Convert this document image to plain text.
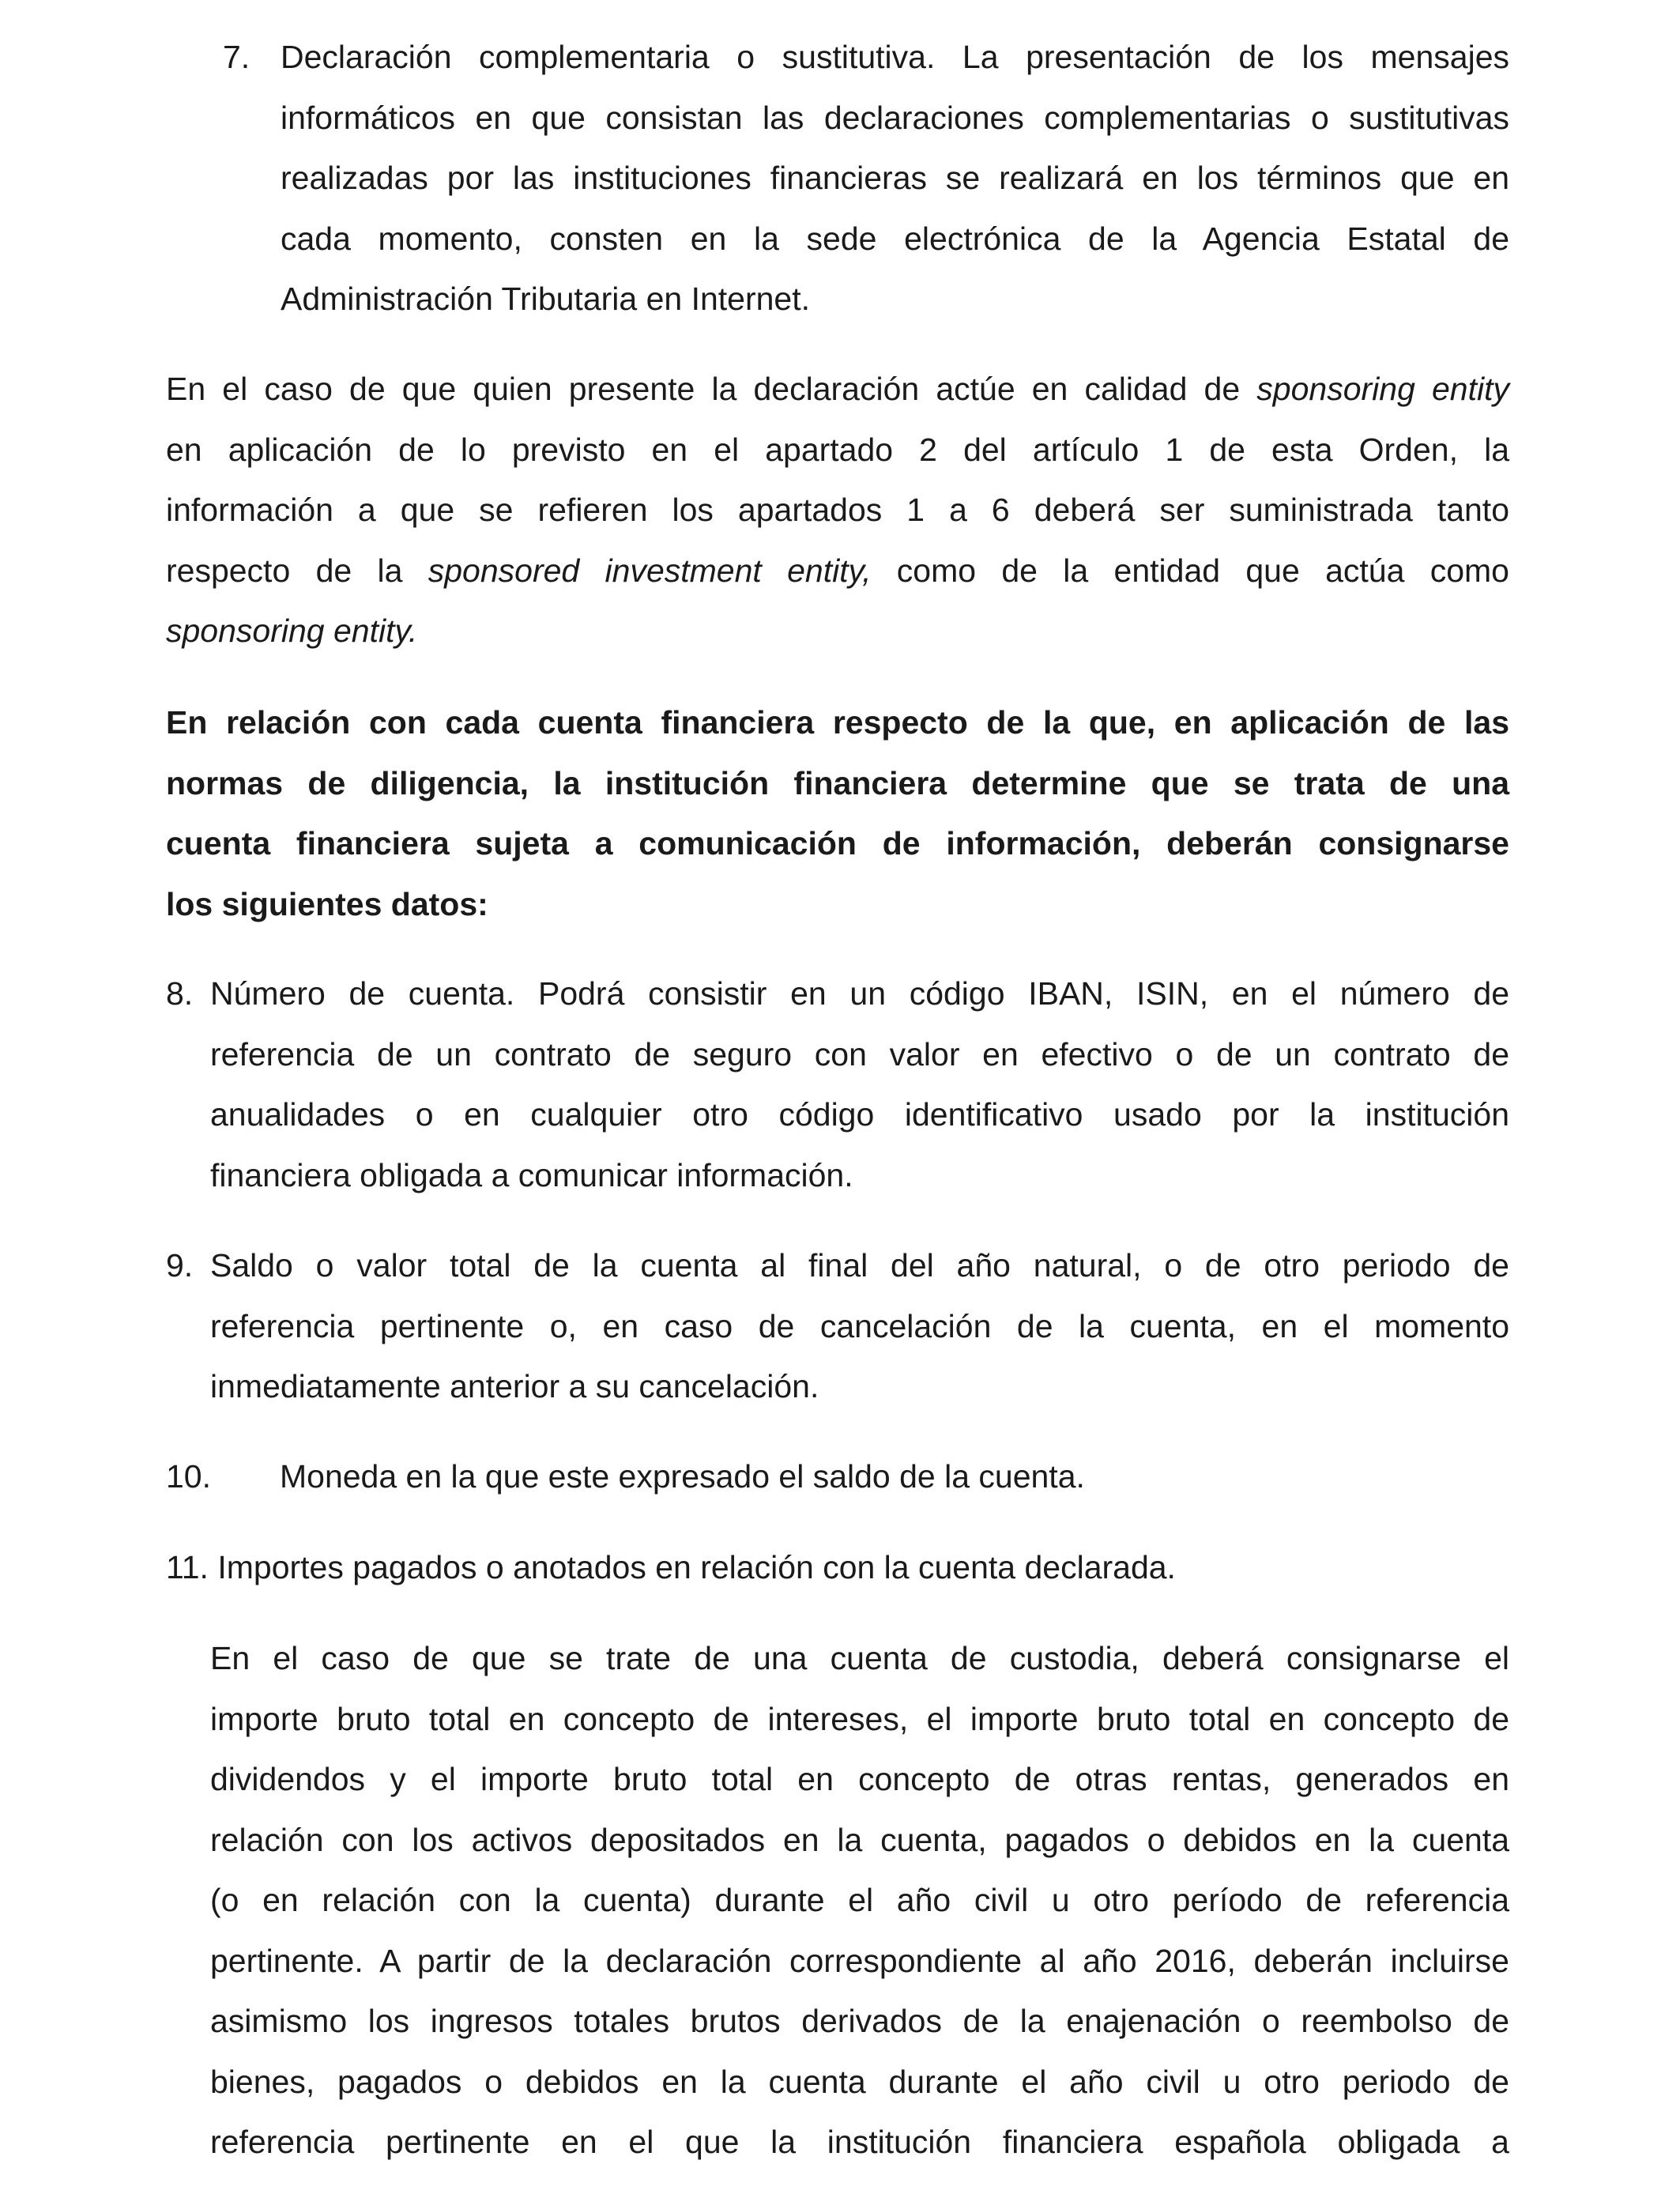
7. Declaración complementaria o sustitutiva. La presentación de los mensajes
informáticos en que consistan las declaraciones complementarias o sustitutivas
realizadas por las instituciones financieras se realizará en los términos que en
cada momento, consten en la sede electrónica de la Agencia Estatal de
Administración Tributaria en Internet.
En el caso de que quien presente la declaración actúe en calidad de sponsoring entity
en aplicación de lo previsto en el apartado 2 del artículo 1 de esta Orden, la
información a que se refieren los apartados 1 a 6 deberá ser suministrada tanto
respecto de la sponsored investment entity, como de la entidad que actúa como
sponsoring entity.
En relación con cada cuenta financiera respecto de la que, en aplicación de las
normas de diligencia, la institución financiera determine que se trata de una
cuenta financiera sujeta a comunicación de información, deberán consignarse
los siguientes datos:
8. Número de cuenta. Podrá consistir en un código IBAN, ISIN, en el número de
referencia de un contrato de seguro con valor en efectivo o de un contrato de
anualidades o en cualquier otro código identificativo usado por la institución
financiera obligada a comunicar información.
9. Saldo o valor total de la cuenta al final del año natural, o de otro periodo de
referencia pertinente o, en caso de cancelación de la cuenta, en el momento
inmediatamente anterior a su cancelación.
10. Moneda en la que este expresado el saldo de la cuenta.
11. Importes pagados o anotados en relación con la cuenta declarada.
En el caso de que se trate de una cuenta de custodia, deberá consignarse el
importe bruto total en concepto de intereses, el importe bruto total en concepto de
dividendos y el importe bruto total en concepto de otras rentas, generados en
relación con los activos depositados en la cuenta, pagados o debidos en la cuenta
(o en relación con la cuenta) durante el año civil u otro período de referencia
pertinente. A partir de la declaración correspondiente al año 2016, deberán incluirse
asimismo los ingresos totales brutos derivados de la enajenación o reembolso de
bienes, pagados o debidos en la cuenta durante el año civil u otro periodo de
referencia pertinente en el que la institución financiera española obligada a
